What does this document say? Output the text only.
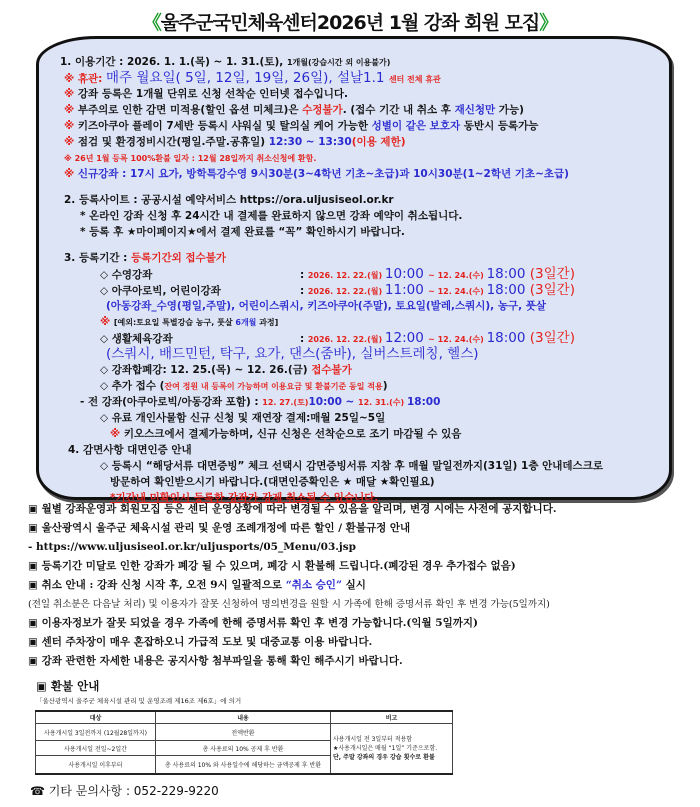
《울주군국민체육센터2026년 1월 강좌 회원 모집》
1. 이용기간 : 2026. 1. 1.(목) ~ 1. 31.(토), 1개월(강습시간 외 이용불가)
※ 휴관: 매주 월요일( 5일, 12일, 19일, 26일), 설날1.1 센터 전체 휴관
※ 강좌 등록은 1개월 단위로 신청 선착순 인터넷 접수입니다.
※ 부주의로 인한 감면 미적용(할인 옵션 미체크)은 수정불가. (접수 기간 내 취소 후 재신청만 가능)
※ 키즈아쿠아 플레이 7세반 등록시 샤워실 및 탈의실 케어 가능한 성별이 같은 보호자 동반시 등록가능
※ 점검 및 환경정비시간(평일.주말.공휴일) 12:30 ~ 13:30(이용 제한)
※ 26년 1월 등록 100%환불 일자 : 12월 28일까지 취소신청에 환함.
※ 신규강좌 : 17시 요가, 방학특강수영 9시30분(3~4학년 기초~초급)과 10시30분(1~2학년 기초~초급)
2. 등록사이트 : 공공시설 예약서비스 https://ora.uljusiseol.or.kr
* 온라인 강좌 신청 후 24시간 내 결제를 완료하지 않으면 강좌 예약이 취소됩니다.
* 등록 후 ★마이페이지★에서 결제 완료를 “꼭” 확인하시기 바랍니다.
3. 등록기간 : 등록기간외 접수불가
◇ 수영강좌	: 2026. 12. 22.(월) 10:00 ~ 12. 24.(수) 18:00 (3일간)
◇ 아쿠아로빅, 어린이강좌	: 2026. 12. 22.(월) 11:00 ~ 12. 24.(수) 18:00 (3일간)
(아동강좌_수영(평일,주말), 어린이스쿼시, 키즈아쿠아(주말), 토요일(발레,스쿼시), 농구, 풋살
※ [예외:토요일 특별강습 농구, 풋살 6개월 과정]
◇ 생활체육강좌	: 2026. 12. 22.(월) 12:00 ~ 12. 24.(수) 18:00 (3일간)
(스쿼시, 배드민턴, 탁구, 요가, 댄스(줌바), 실버스트레칭, 헬스)
◇ 강좌합폐강: 12. 25.(목) ~ 12. 26.(금) 접수불가
◇ 추가 접수 (잔여 정원 내 등록이 가능하며 이용요금 및 환불기준 동일 적용)
- 전 강좌(아쿠아로빅/아동강좌 포함) : 12. 27.(토)10:00 ~ 12. 31.(수) 18:00
◇ 유료 개인사물함 신규 신청 및 재연장 결제:매월 25일~5일
※ 키오스크에서 결제가능하며, 신규 신청은 선착순으로 조기 마감될 수 있음
4. 감면사항 대면인증 안내
◇ 등록시 “해당서류 대면증빙” 체크 선택시 감면증빙서류 지참 후 매월 말일전까지(31일) 1층 안내데스크로
방문하여 확인받으시기 바랍니다.(대면인증확인은 ★ 매달 ★확인필요)
*기간내 미확인시 등록한 강좌가 강제 취소될 수 있습니다.
▣ 월별 강좌운영과 회원모집 등은 센터 운영상황에 따라 변경될 수 있음을 알리며, 변경 시에는 사전에 공지합니다.
▣ 울산광역시 울주군 체육시설 관리 및 운영 조례개정에 따른 할인 / 환불규정 안내
- https://www.uljusiseol.or.kr/uljusports/05_Menu/03.jsp
▣ 등록기간 미달로 인한 강좌가 폐강 될 수 있으며, 폐강 시 환불해 드립니다.(폐강된 경우 추가접수 없음)
▣ 취소 안내 : 강좌 신청 시작 후, 오전 9시 일괄적으로 “취소 승인” 실시
(전일 취소분은 다음날 처리) 및 이용자가 잘못 신청하여 명의변경을 원할 시 가족에 한해 증명서류 확인 후 변경 가능(5일까지)
▣ 이용자정보가 잘못 되었을 경우 가족에 한해 증명서류 확인 후 변경 가능합니다.(익월 5일까지)
▣ 센터 주차장이 매우 혼잡하오니 가급적 도보 및 대중교통 이용 바랍니다.
▣ 강좌 관련한 자세한 내용은 공지사항 첨부파일을 통해 확인 해주시기 바랍니다.
▣ 환불 안내
「울산광역시 울주군 체육시설 관리 및 운영조례 제16조 제6호」에 의거
대상	내용	비고
사용개시일 3일전까지 (12월28일까지)	전액반환	사용개시일 전 3일부터 적용함
★사용개시일은 매월 “1일” 기준으로함.
단, 주말 강좌의 경우 강습 횟수로 환불

사용개시일 전일~2일간	총 사용료의 10% 공제 후 반환	
사용개시일 이후부터	총 사용료의 10% 와 사용일수에 해당하는 금액공제 후 반환	
☎ 기타 문의사항 : 052-229-9220
